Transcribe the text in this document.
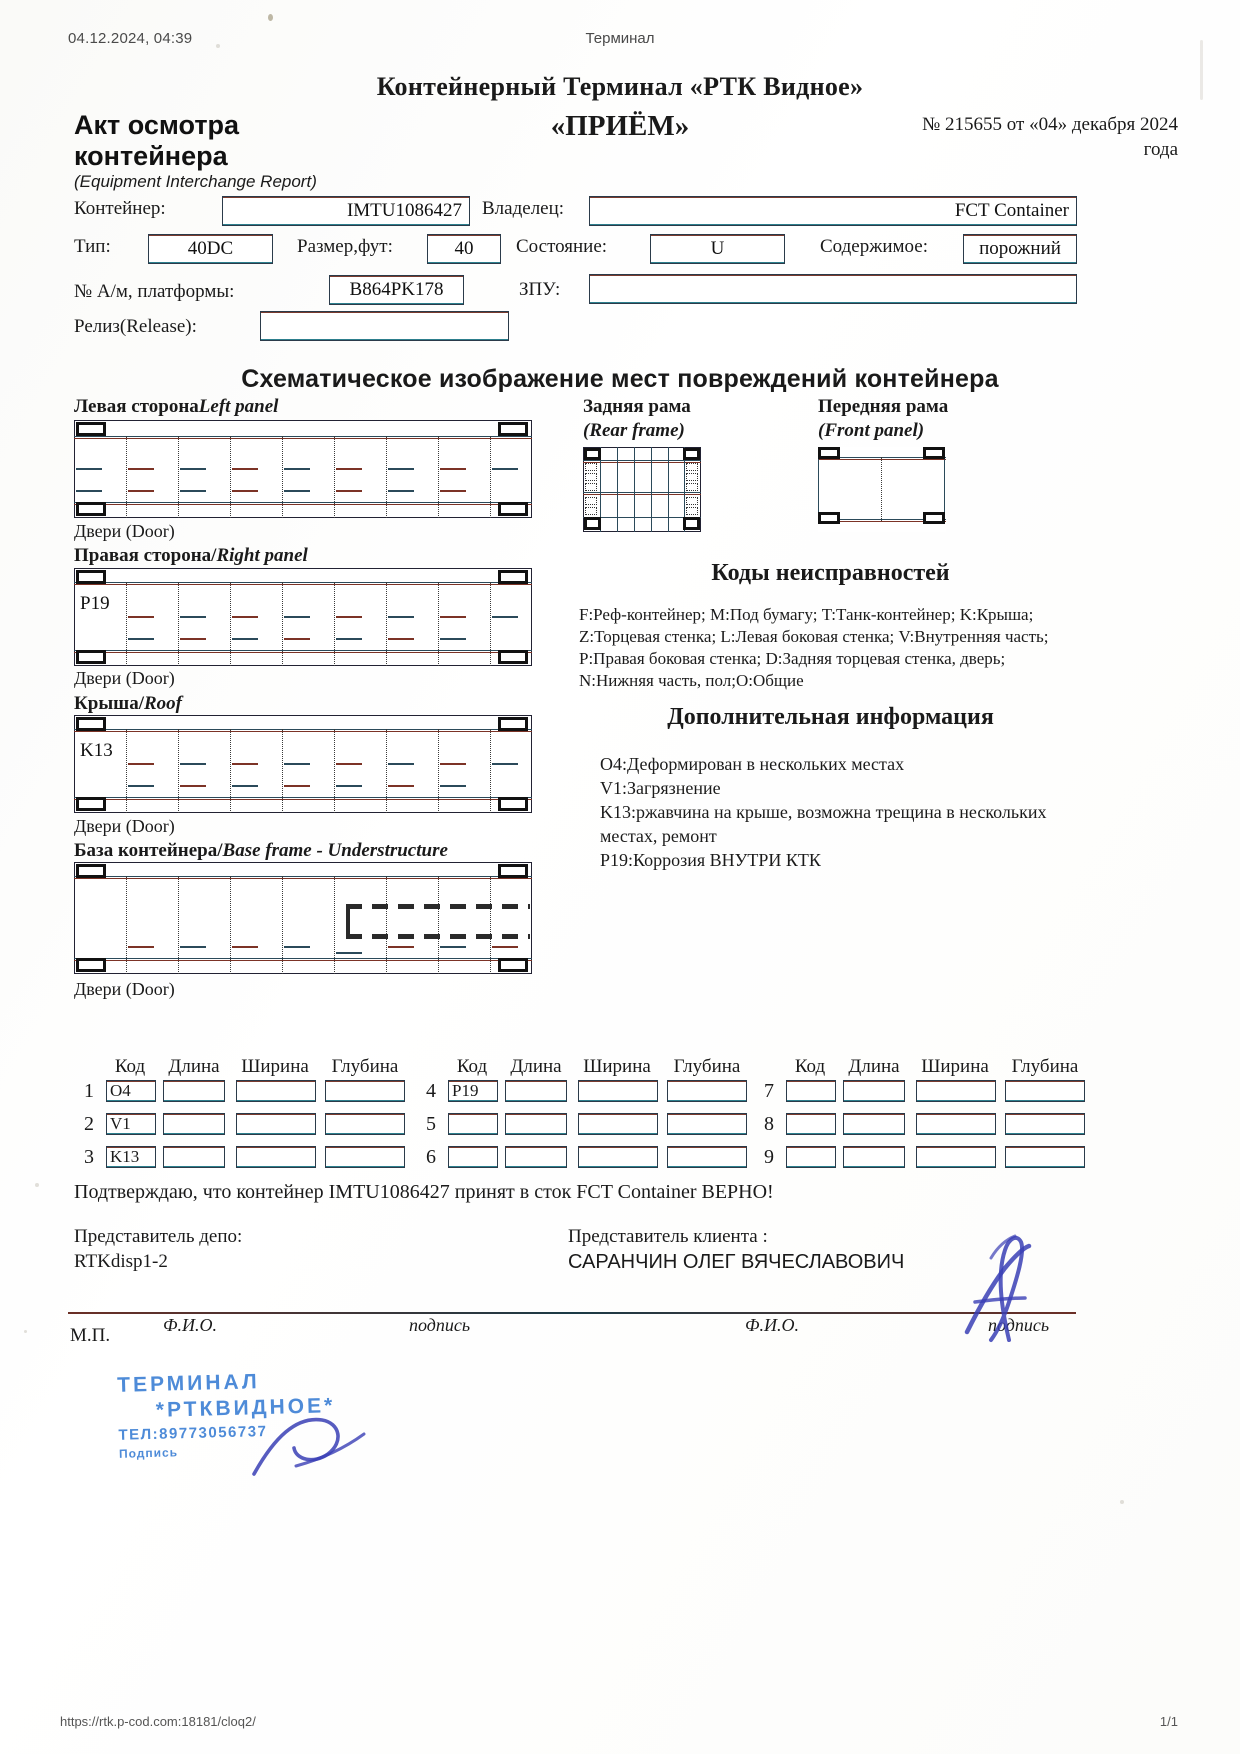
04.12.2024, 04:39	Терминал
Контейнерный Терминал «РТК Видное»
Акт осмотра
контейнера
«ПРИЁМ»	№ 215655 от «04» декабря 2024
года
(Equipment Interchange Report)
Контейнер:	IMTU1086427	Владелец:	FCT Container
Тип:	40DC	Размер,фут:	40	Состояние:	U	Содержимое:	порожний
№ А/м, платформы:	B864PK178	ЗПУ:
Релиз(Release):
Схематическое изображение мест повреждений контейнера
Левая сторонаLeft panel
Двери (Door)
Правая сторона/Right panel
P19
Двери (Door)
Крыша/Roof
K13
Двери (Door)
База контейнера/Base frame - Understructure
Двери (Door)
Задняя рама
(Rear frame)
Передняя рама
(Front panel)
Коды неисправностей
F:Реф-контейнер; M:Под бумагу; T:Танк-контейнер; K:Крыша;
Z:Торцевая стенка; L:Левая боковая стенка; V:Внутренняя часть;
P:Правая боковая стенка; D:Задняя торцевая стенка, дверь;
N:Нижняя часть, пол;O:Общие
Дополнительная информация
O4:Деформирован в нескольких местах
V1:Загрязнение
K13:ржавчина на крыше, возможна трещина в нескольких
местах, ремонт
P19:Коррозия ВНУТРИ КТК
Код	Длина	Ширина	Глубина
1 O4
2 V1
3 K13
Код	Длина	Ширина	Глубина
4 P19
5
6
Код	Длина	Ширина	Глубина
7
8
9
Подтверждаю, что контейнер IMTU1086427 принят в сток FCT Container ВЕРНО!
Представитель депо:
RTKdisp1-2
Представитель клиента :
САРАНЧИН ОЛЕГ ВЯЧЕСЛАВОВИЧ
Ф.И.О.	подпись	Ф.И.О.	подпись
М.П.
ТЕРМИНАЛ
*РТКВИДНОЕ*
ТЕЛ:89773056737
Подпись
https://rtk.p-cod.com:18181/cloq2/	1/1
